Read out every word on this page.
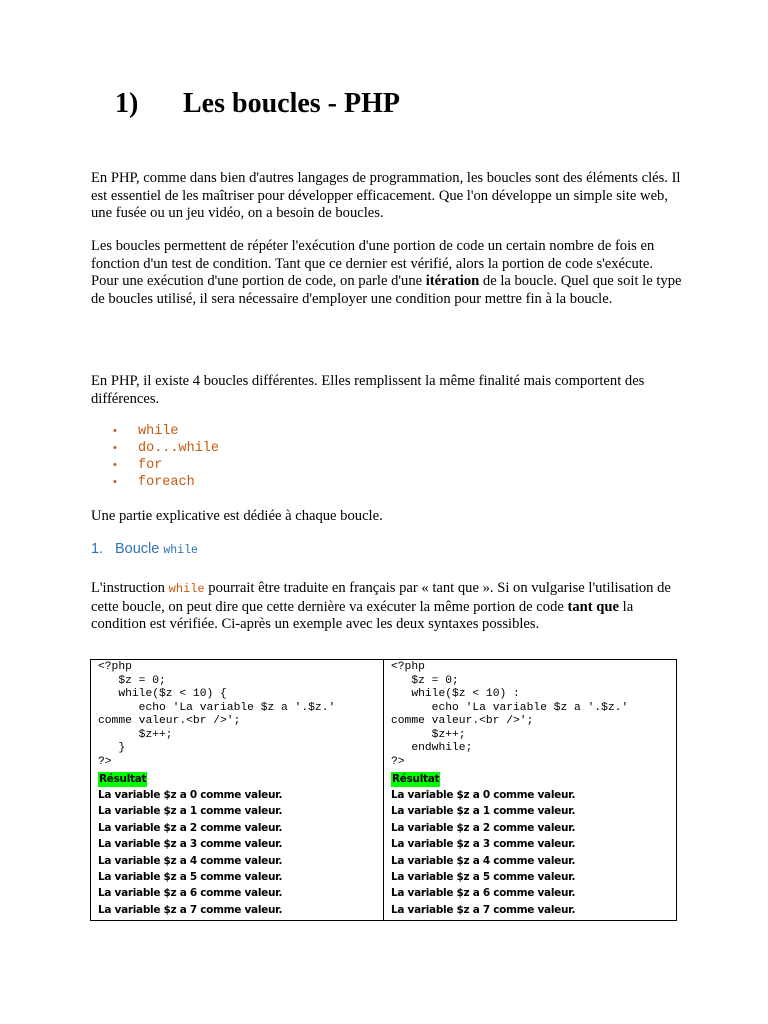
1) Les boucles - PHP
En PHP, comme dans bien d'autres langages de programmation, les boucles sont des éléments clés. Il est essentiel de les maîtriser pour développer efficacement. Que l'on développe un simple site web, une fusée ou un jeu vidéo, on a besoin de boucles.
Les boucles permettent de répéter l'exécution d'une portion de code un certain nombre de fois en fonction d'un test de condition. Tant que ce dernier est vérifié, alors la portion de code s'exécute. Pour une exécution d'une portion de code, on parle d'une itération de la boucle. Quel que soit le type de boucles utilisé, il sera nécessaire d'employer une condition pour mettre fin à la boucle.
En PHP, il existe 4 boucles différentes. Elles remplissent la même finalité mais comportent des différences.
• while
• do...while
• for
• foreach
Une partie explicative est dédiée à chaque boucle.
1. Boucle while
L'instruction while pourrait être traduite en français par « tant que ». Si on vulgarise l'utilisation de cette boucle, on peut dire que cette dernière va exécuter la même portion de code tant que la condition est vérifiée. Ci-après un exemple avec les deux syntaxes possibles.
<?php
$z = 0;
while($z < 10) {
echo 'La variable $z a '.$z.'
comme valeur.<br />';
$z++;
}
?>
Résultat
La variable $z a 0 comme valeur.
La variable $z a 1 comme valeur.
La variable $z a 2 comme valeur.
La variable $z a 3 comme valeur.
La variable $z a 4 comme valeur.
La variable $z a 5 comme valeur.
La variable $z a 6 comme valeur.
La variable $z a 7 comme valeur.

<?php
$z = 0;
while($z < 10) :
echo 'La variable $z a '.$z.'
comme valeur.<br />';
$z++;
endwhile;
?>
Résultat
La variable $z a 0 comme valeur.
La variable $z a 1 comme valeur.
La variable $z a 2 comme valeur.
La variable $z a 3 comme valeur.
La variable $z a 4 comme valeur.
La variable $z a 5 comme valeur.
La variable $z a 6 comme valeur.
La variable $z a 7 comme valeur.
